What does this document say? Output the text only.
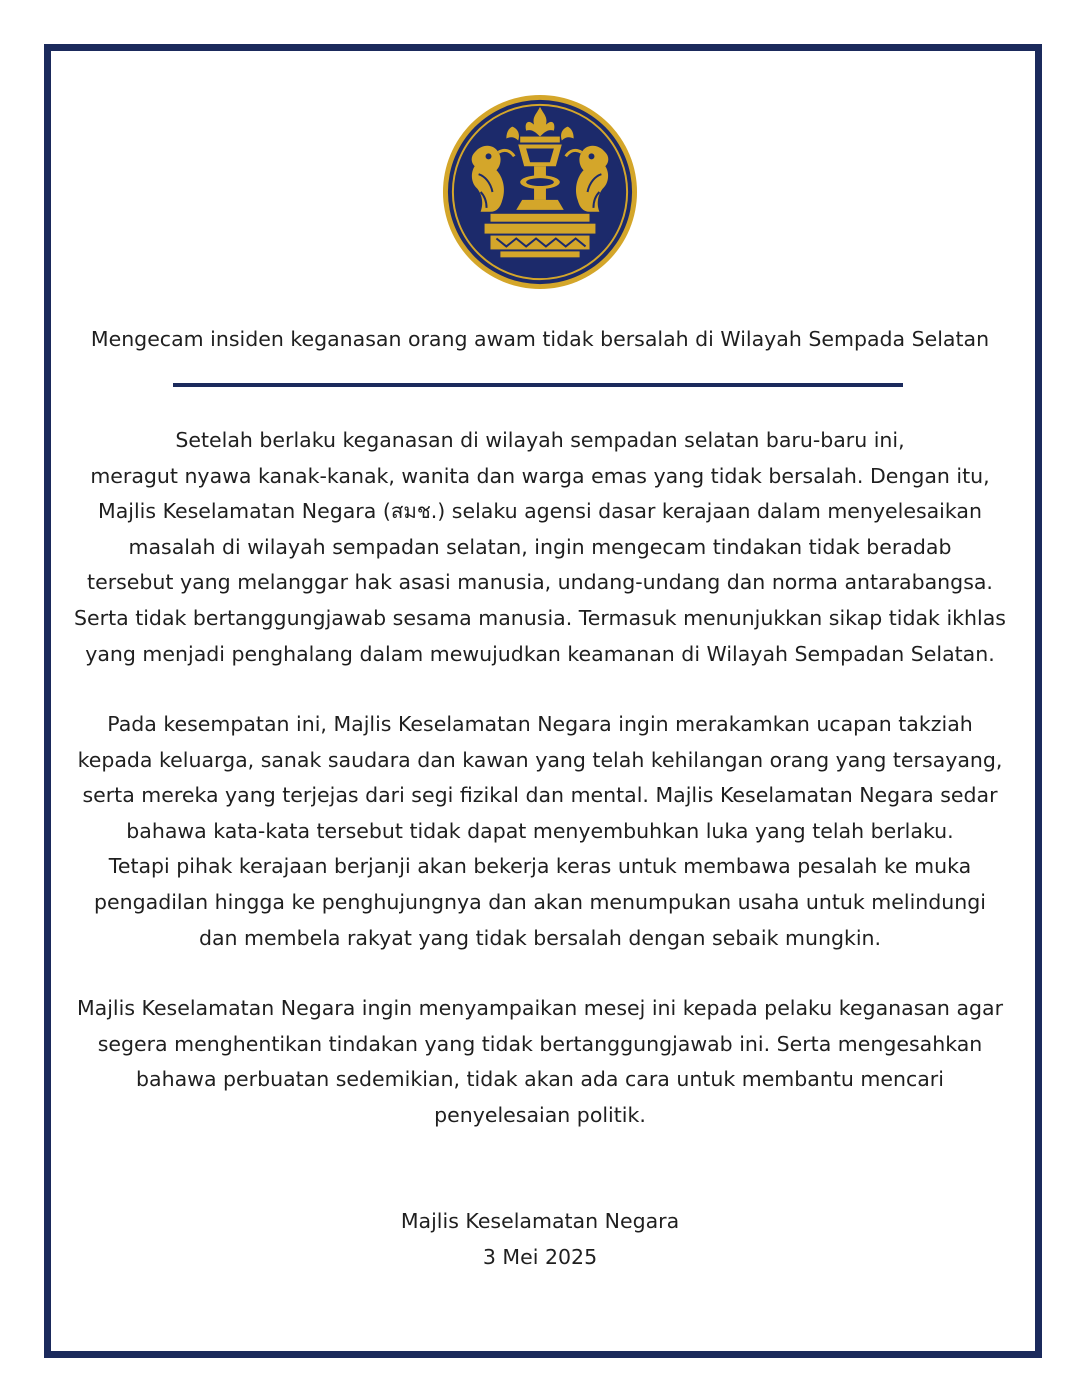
Mengecam insiden keganasan orang awam tidak bersalah di Wilayah Sempada Selatan
Setelah berlaku keganasan di wilayah sempadan selatan baru-baru ini,
meragut nyawa kanak-kanak, wanita dan warga emas yang tidak bersalah. Dengan itu,
Majlis Keselamatan Negara (สมช.) selaku agensi dasar kerajaan dalam menyelesaikan
masalah di wilayah sempadan selatan, ingin mengecam tindakan tidak beradab
tersebut yang melanggar hak asasi manusia, undang-undang dan norma antarabangsa.
Serta tidak bertanggungjawab sesama manusia. Termasuk menunjukkan sikap tidak ikhlas
yang menjadi penghalang dalam mewujudkan keamanan di Wilayah Sempadan Selatan.
Pada kesempatan ini, Majlis Keselamatan Negara ingin merakamkan ucapan takziah
kepada keluarga, sanak saudara dan kawan yang telah kehilangan orang yang tersayang,
serta mereka yang terjejas dari segi fizikal dan mental. Majlis Keselamatan Negara sedar
bahawa kata-kata tersebut tidak dapat menyembuhkan luka yang telah berlaku.
Tetapi pihak kerajaan berjanji akan bekerja keras untuk membawa pesalah ke muka
pengadilan hingga ke penghujungnya dan akan menumpukan usaha untuk melindungi
dan membela rakyat yang tidak bersalah dengan sebaik mungkin.
Majlis Keselamatan Negara ingin menyampaikan mesej ini kepada pelaku keganasan agar
segera menghentikan tindakan yang tidak bertanggungjawab ini. Serta mengesahkan
bahawa perbuatan sedemikian, tidak akan ada cara untuk membantu mencari
penyelesaian politik.
Majlis Keselamatan Negara
3 Mei 2025
